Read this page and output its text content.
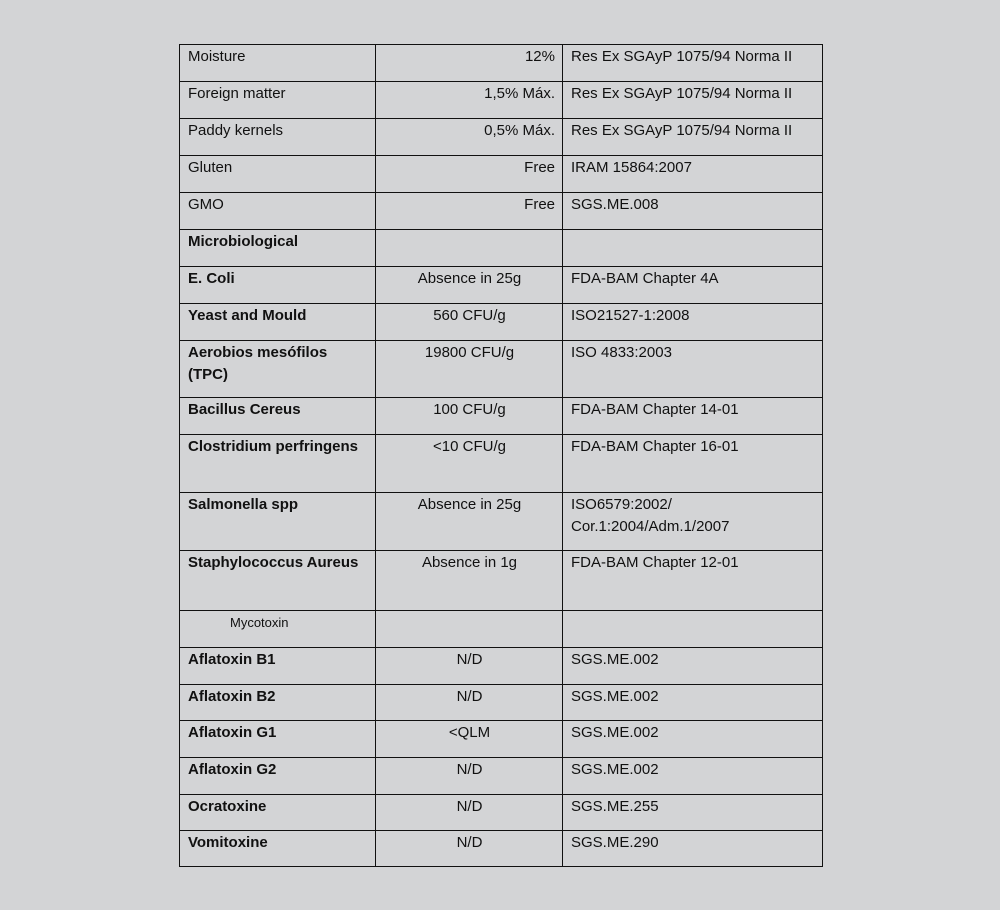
Moisture	12%	Res Ex SGAyP 1075/94 Norma II
Foreign matter	1,5% Máx.	Res Ex SGAyP 1075/94 Norma II
Paddy kernels	0,5% Máx.	Res Ex SGAyP 1075/94 Norma II
Gluten	Free	IRAM 15864:2007
GMO	Free	SGS.ME.008
Microbiological		
E. Coli	Absence in 25g	FDA-BAM Chapter 4A
Yeast and Mould	560 CFU/g	ISO21527-1:2008
Aerobios mesófilos (TPC)	19800 CFU/g	ISO 4833:2003
Bacillus Cereus	100 CFU/g	FDA-BAM Chapter 14-01
Clostridium perfringens	<10 CFU/g	FDA-BAM Chapter 16-01
Salmonella spp	Absence in 25g	ISO6579:2002/ Cor.1:2004/Adm.1/2007
Staphylococcus Aureus	Absence in 1g	FDA-BAM Chapter 12-01
Mycotoxin		
Aflatoxin B1	N/D	SGS.ME.002
Aflatoxin B2	N/D	SGS.ME.002
Aflatoxin G1	<QLM	SGS.ME.002
Aflatoxin G2	N/D	SGS.ME.002
Ocratoxine	N/D	SGS.ME.255
Vomitoxine	N/D	SGS.ME.290
